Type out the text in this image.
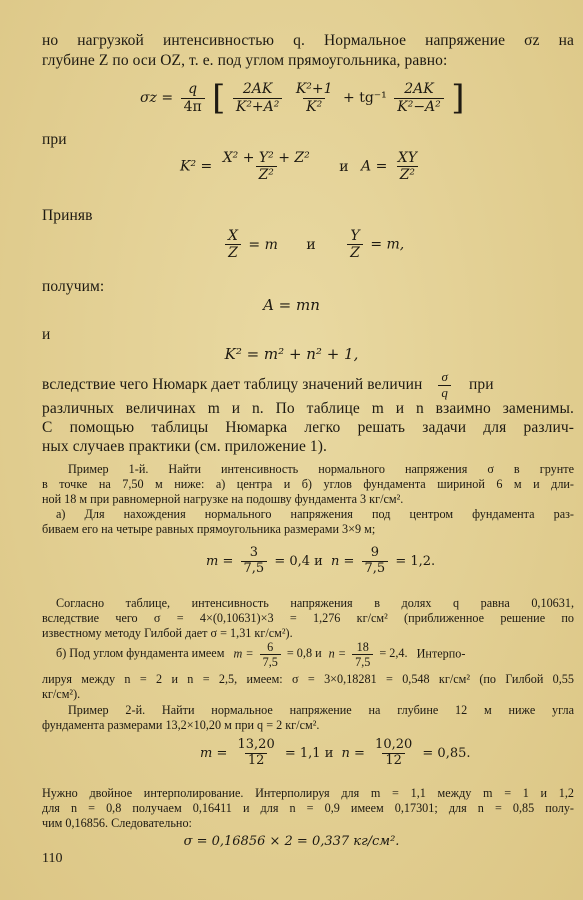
но нагрузкой интенсивностью q. Нормальное напряжение σz на
глубине Z по оси OZ, т. е. под углом прямоугольника, равно:
$\sigma z = \frac{q}{4\pi}$ [ $\frac{2AK}{\text{K²+A²}}$
$\frac{\text{K²+1}}{\text{K²}} + tg^{-1} \frac{2AK}{\text{K²−A²}}$ ]
при
$K^2 = \frac{\text{X² + Y² + Z²}}{\text{Z²}}$ и $A = \frac{XY}{\text{Z²}}$
Приняв
$\frac{X}{Z} = m$ и $\frac{Y}{Z} = m$,
получим:
A = mn
и
K² = m² + n² + 1,
вследствие чего Нюмарк дает таблицу значений величин $\frac{\sigma}{q}$ при
различных величинах m и n. По таблице m и n взаимно заменимы.
С помощью таблицы Нюмарка легко решать задачи для различ-
ных случаев практики (см. приложение 1).
Пример 1-й. Найти интенсивность нормального напряжения σ в грунте
в точке на 7,50 м ниже: а) центра и б) углов фундамента шириной 6 м и дли-
ной 18 м при равномерной нагрузке на подошву фундамента 3 кг/см².
а) Для нахождения нормального напряжения под центром фундамента раз-
биваем его на четыре равных прямоугольника размерами 3×9 м;
$m = \frac{3}{7,5} = 0,4$ и $n = \frac{9}{7,5} = 1,2$.
Согласно таблице, интенсивность напряжения в долях q равна 0,10631,
вследствие чего σ = 4×(0,10631)×3 = 1,276 кг/см² (приближенное решение по
известному методу Гилбой дает σ = 1,31 кг/см²).
б) Под углом фундамента имеем $m = \frac{6}{7,5} = 0,8$ и $n = \frac{18}{7,5} = 2,4$. Интерпо-
лируя между n = 2 и n = 2,5, имеем: σ = 3×0,18281 = 0,548 кг/см² (по Гилбой 0,55
кг/см²).
Пример 2-й. Найти нормальное напряжение на глубине 12 м ниже угла
фундамента размерами 13,2×10,20 м при q = 2 кг/см².
$m = \frac{13,20}{12} = 1,1$ и $n = \frac{10,20}{12} = 0,85$.
Нужно двойное интерполирование. Интерполируя для m = 1,1 между m = 1 и 1,2
для n = 0,8 получаем 0,16411 и для n = 0,9 имеем 0,17301; для n = 0,85 полу-
чим 0,16856. Следовательно:
σ = 0,16856 × 2 = 0,337 кг/см².
110
